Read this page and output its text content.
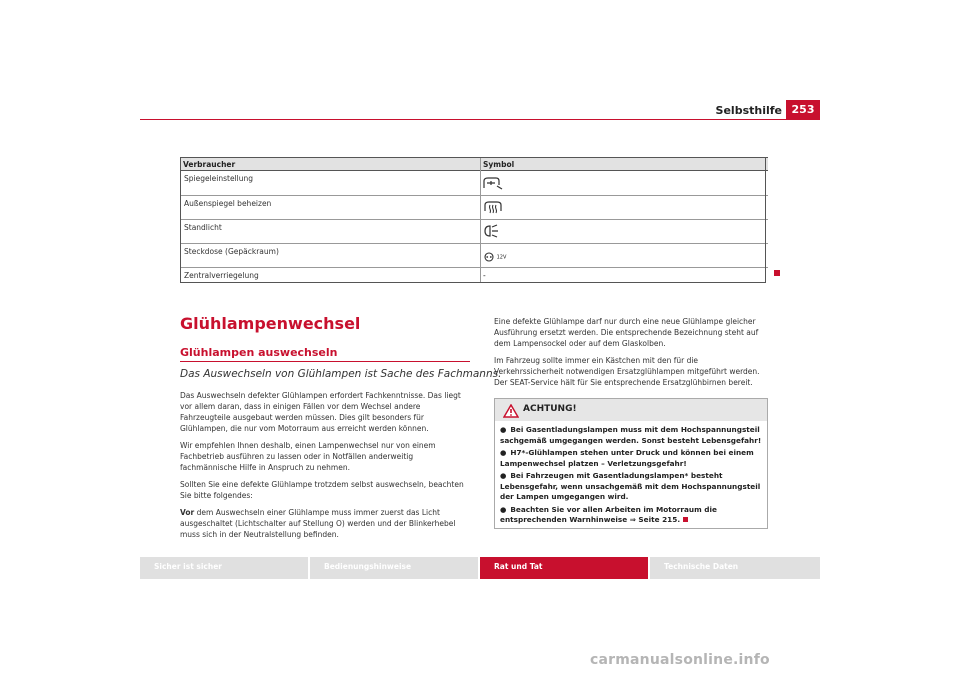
Selbsthilfe 253
Verbraucher	Symbol
Spiegeleinstellung
Außenspiegel beheizen
Standlicht
Steckdose (Gepäckraum)
12V
Zentralverriegelung	-
Glühlampenwechsel
Glühlampen auswechseln
Das Auswechseln von Glühlampen ist Sache des Fachmanns.

Das Auswechseln defekter Glühlampen erfordert Fachkenntnisse. Das liegt vor allem daran, dass in einigen Fällen vor dem Wechsel andere Fahrzeugteile ausgebaut werden müssen. Dies gilt besonders für Glühlampen, die nur vom Motorraum aus erreicht werden können.

Wir empfehlen Ihnen deshalb, einen Lampenwechsel nur von einem Fachbetrieb ausführen zu lassen oder in Notfällen anderweitig fachmännische Hilfe in Anspruch zu nehmen.

Sollten Sie eine defekte Glühlampe trotzdem selbst auswechseln, beachten Sie bitte folgendes:

Vor dem Auswechseln einer Glühlampe muss immer zuerst das Licht ausgeschaltet (Lichtschalter auf Stellung O) werden und der Blinkerhebel muss sich in der Neutralstellung befinden.

Eine defekte Glühlampe darf nur durch eine neue Glühlampe gleicher Ausführung ersetzt werden. Die entsprechende Bezeichnung steht auf dem Lampensockel oder auf dem Glaskolben.

Im Fahrzeug sollte immer ein Kästchen mit den für die Verkehrssicherheit notwendigen Ersatzglühlampen mitgeführt werden. Der SEAT-Service hält für Sie entsprechende Ersatzglühbirnen bereit.

ACHTUNG!
● Bei Gasentladungslampen muss mit dem Hochspannungsteil sachgemäß umgegangen werden. Sonst besteht Lebensgefahr!
● H7*-Glühlampen stehen unter Druck und können bei einem Lampenwechsel platzen – Verletzungsgefahr!
● Bei Fahrzeugen mit Gasentladungslampen* besteht Lebensgefahr, wenn unsachgemäß mit dem Hochspannungsteil der Lampen umgegangen wird.
● Beachten Sie vor allen Arbeiten im Motorraum die entsprechenden Warnhinweise ⇒ Seite 215.
Sicher ist sicher	Bedienungshinweise	Rat und Tat	Technische Daten
carmanualsonline.info
